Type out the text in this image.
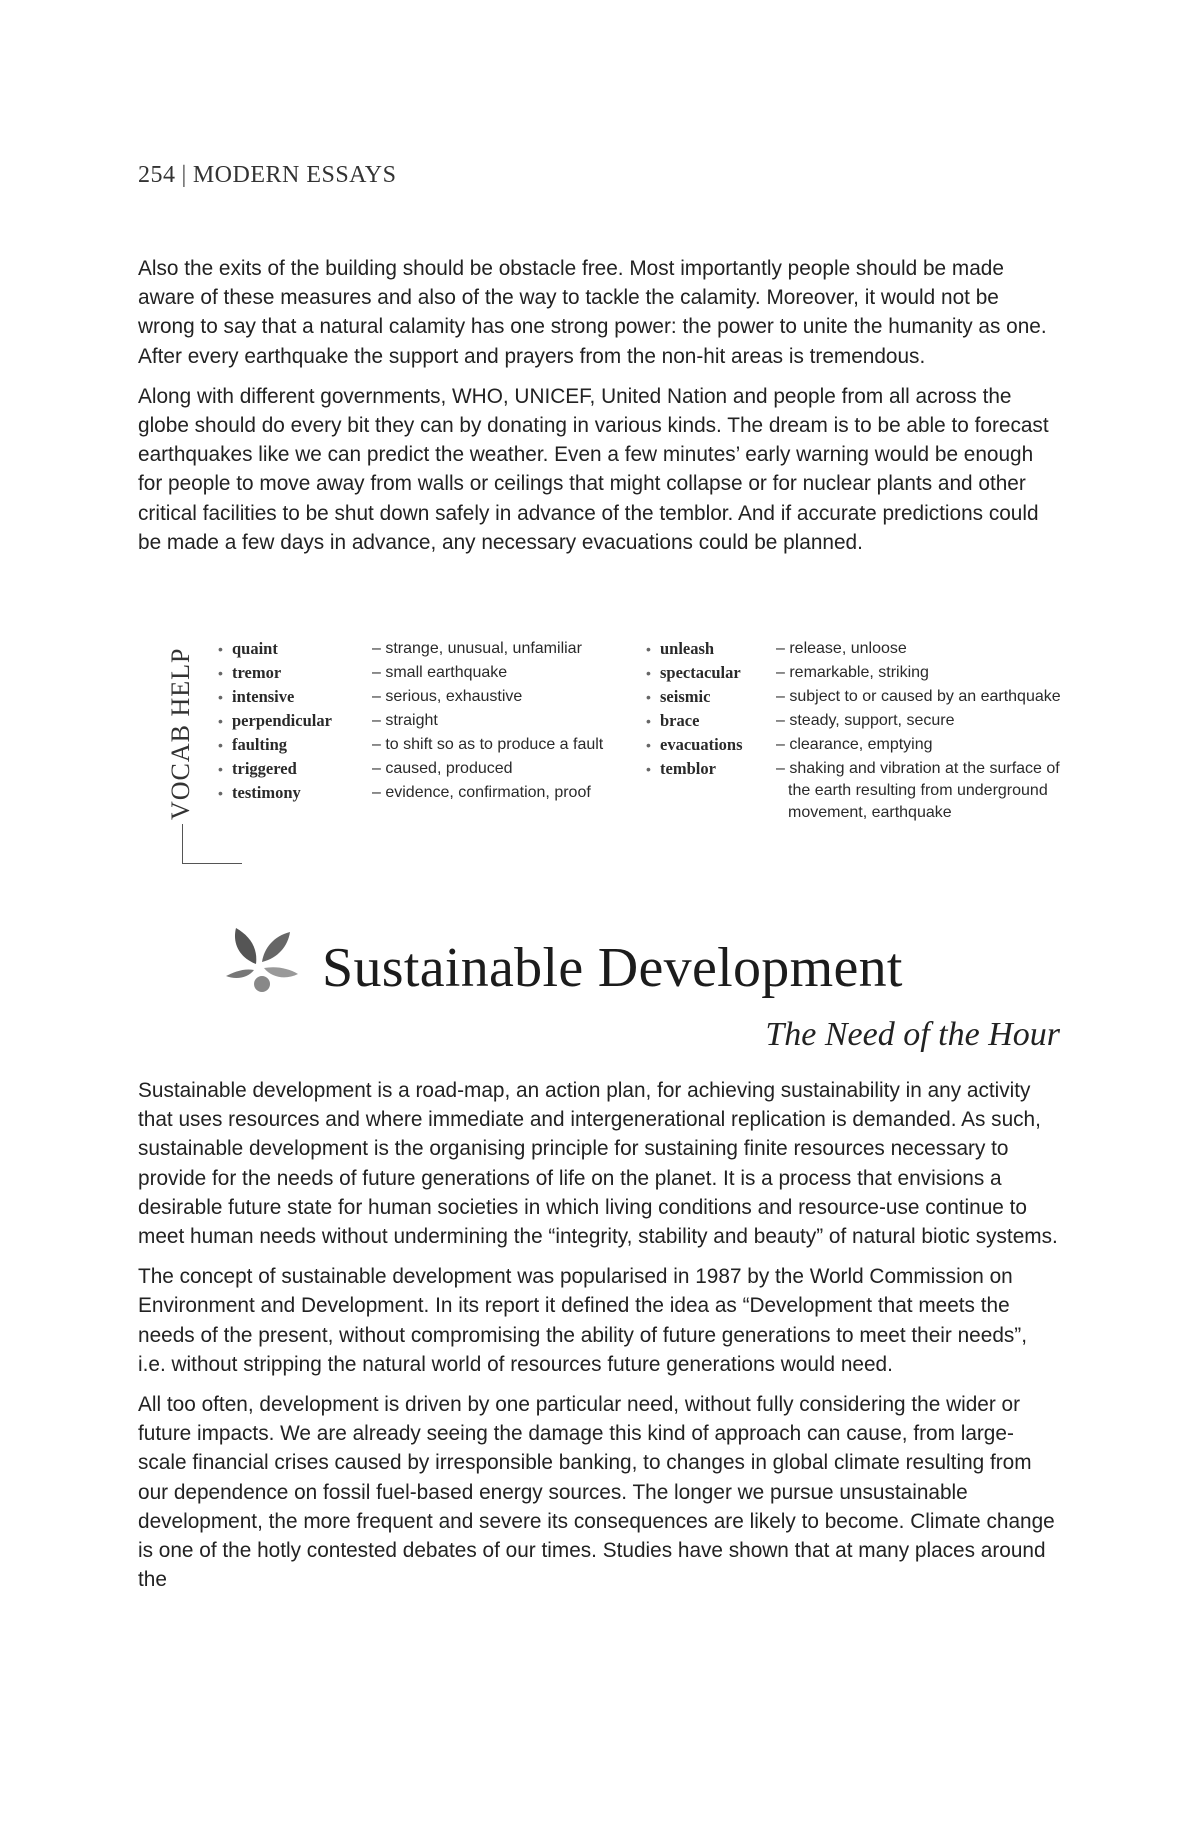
254 | MODERN ESSAYS

Also the exits of the building should be obstacle free. Most importantly people should be made aware of these measures and also of the way to tackle the calamity. Moreover, it would not be wrong to say that a natural calamity has one strong power: the power to unite the humanity as one. After every earthquake the support and prayers from the non-hit areas is tremendous.

Along with different governments, WHO, UNICEF, United Nation and people from all across the globe should do every bit they can by donating in various kinds. The dream is to be able to forecast earthquakes like we can predict the weather. Even a few minutes’ early warning would be enough for people to move away from walls or ceilings that might collapse or for nuclear plants and other critical facilities to be shut down safely in advance of the temblor. And if accurate predictions could be made a few days in advance, any necessary evacuations could be planned.

VOCAB HELP • quaint	– strange, unusual, unfamiliar
• tremor	– small earthquake
• intensive	– serious, exhaustive
• perpendicular	– straight
• faulting	– to shift so as to produce a fault
• triggered	– caused, produced
• testimony	– evidence, confirmation, proof
• unleash	– release, unloose
• spectacular	– remarkable, striking
• seismic	– subject to or caused by an earthquake
• brace	– steady, support, secure
• evacuations	– clearance, emptying
• temblor	– shaking and vibration at the surface of the earth resulting from underground movement, earthquake
Sustainable Development
The Need of the Hour

Sustainable development is a road-map, an action plan, for achieving sustainability in any activity that uses resources and where immediate and intergenerational replication is demanded. As such, sustainable development is the organising principle for sustaining finite resources necessary to provide for the needs of future generations of life on the planet. It is a process that envisions a desirable future state for human societies in which living conditions and resource-use continue to meet human needs without undermining the “integrity, stability and beauty” of natural biotic systems.

The concept of sustainable development was popularised in 1987 by the World Commission on Environment and Development. In its report it defined the idea as “Development that meets the needs of the present, without compromising the ability of future generations to meet their needs”, i.e. without stripping the natural world of resources future generations would need.

All too often, development is driven by one particular need, without fully considering the wider or future impacts. We are already seeing the damage this kind of approach can cause, from large-scale financial crises caused by irresponsible banking, to changes in global climate resulting from our dependence on fossil fuel-based energy sources. The longer we pursue unsustainable development, the more frequent and severe its consequences are likely to become. Climate change is one of the hotly contested debates of our times. Studies have shown that at many places around the
